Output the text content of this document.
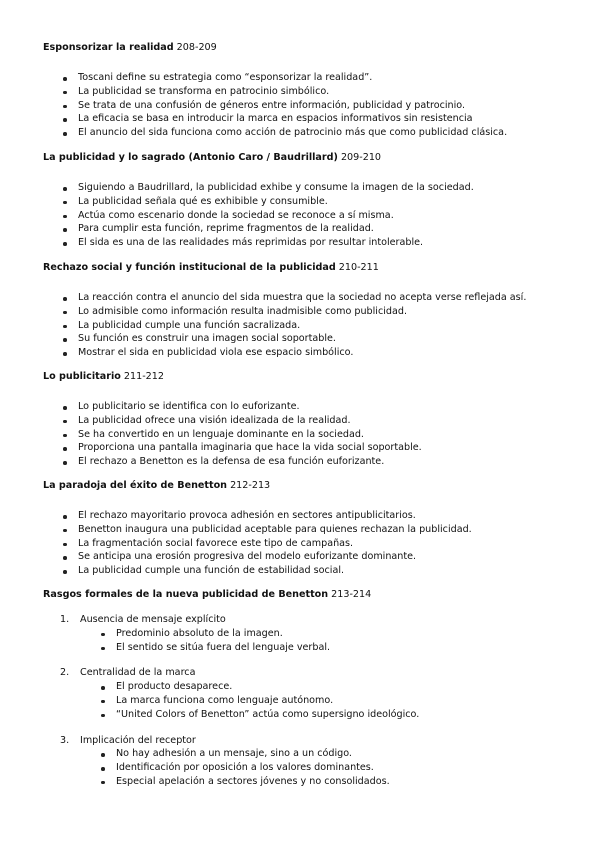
Esponsorizar la realidad 208-209

Toscani define su estrategia como “esponsorizar la realidad”.
La publicidad se transforma en patrocinio simbólico.
Se trata de una confusión de géneros entre información, publicidad y patrocinio.
La eficacia se basa en introducir la marca en espacios informativos sin resistencia
El anuncio del sida funciona como acción de patrocinio más que como publicidad clásica.

La publicidad y lo sagrado (Antonio Caro / Baudrillard) 209-210

Siguiendo a Baudrillard, la publicidad exhibe y consume la imagen de la sociedad.
La publicidad señala qué es exhibible y consumible.
Actúa como escenario donde la sociedad se reconoce a sí misma.
Para cumplir esta función, reprime fragmentos de la realidad.
El sida es una de las realidades más reprimidas por resultar intolerable.

Rechazo social y función institucional de la publicidad 210-211

La reacción contra el anuncio del sida muestra que la sociedad no acepta verse reflejada así.
Lo admisible como información resulta inadmisible como publicidad.
La publicidad cumple una función sacralizada.
Su función es construir una imagen social soportable.
Mostrar el sida en publicidad viola ese espacio simbólico.

Lo publicitario 211-212

Lo publicitario se identifica con lo euforizante.
La publicidad ofrece una visión idealizada de la realidad.
Se ha convertido en un lenguaje dominante en la sociedad.
Proporciona una pantalla imaginaria que hace la vida social soportable.
El rechazo a Benetton es la defensa de esa función euforizante.

La paradoja del éxito de Benetton 212-213

El rechazo mayoritario provoca adhesión en sectores antipublicitarios.
Benetton inaugura una publicidad aceptable para quienes rechazan la publicidad.
La fragmentación social favorece este tipo de campañas.
Se anticipa una erosión progresiva del modelo euforizante dominante.
La publicidad cumple una función de estabilidad social.

Rasgos formales de la nueva publicidad de Benetton 213-214

1. Ausencia de mensaje explícito
Predominio absoluto de la imagen.
El sentido se sitúa fuera del lenguaje verbal.
2. Centralidad de la marca
El producto desaparece.
La marca funciona como lenguaje autónomo.
“United Colors of Benetton” actúa como supersigno ideológico.
3. Implicación del receptor
No hay adhesión a un mensaje, sino a un código.
Identificación por oposición a los valores dominantes.
Especial apelación a sectores jóvenes y no consolidados.
